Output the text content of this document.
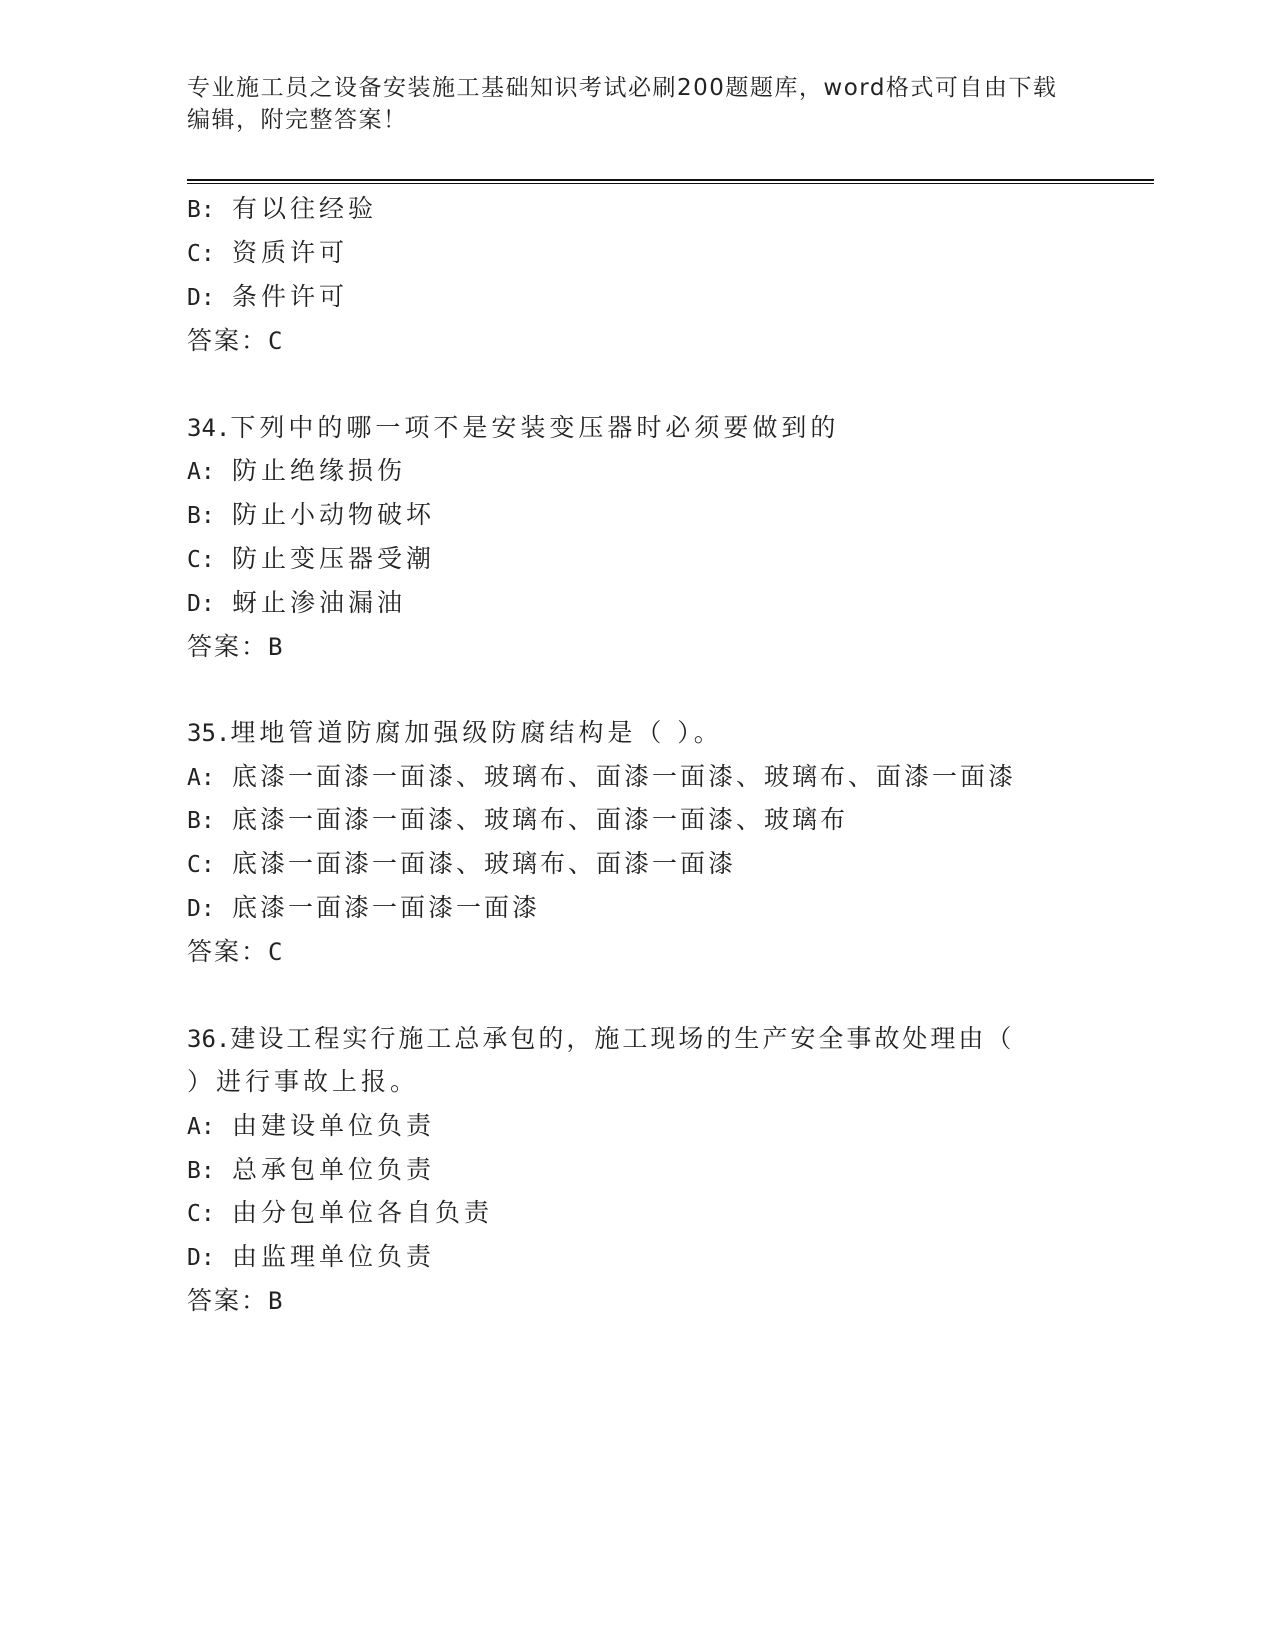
专业施工员之设备安装施工基础知识考试必刷200题题库，word格式可自由下载
编辑，附完整答案！
B: 有以往经验
C: 资质许可
D: 条件许可
答案：C
34.下列中的哪一项不是安装变压器时必须要做到的
A: 防止绝缘损伤
B: 防止小动物破坏
C: 防止变压器受潮
D: 蚜止渗油漏油
答案：B
35.埋地管道防腐加强级防腐结构是（ ）。
A: 底漆一面漆一面漆、玻璃布、面漆一面漆、玻璃布、面漆一面漆
B: 底漆一面漆一面漆、玻璃布、面漆一面漆、玻璃布
C: 底漆一面漆一面漆、玻璃布、面漆一面漆
D: 底漆一面漆一面漆一面漆
答案：C
36.建设工程实行施工总承包的，施工现场的生产安全事故处理由（
）进行事故上报。
A: 由建设单位负责
B: 总承包单位负责
C: 由分包单位各自负责
D: 由监理单位负责
答案：B
